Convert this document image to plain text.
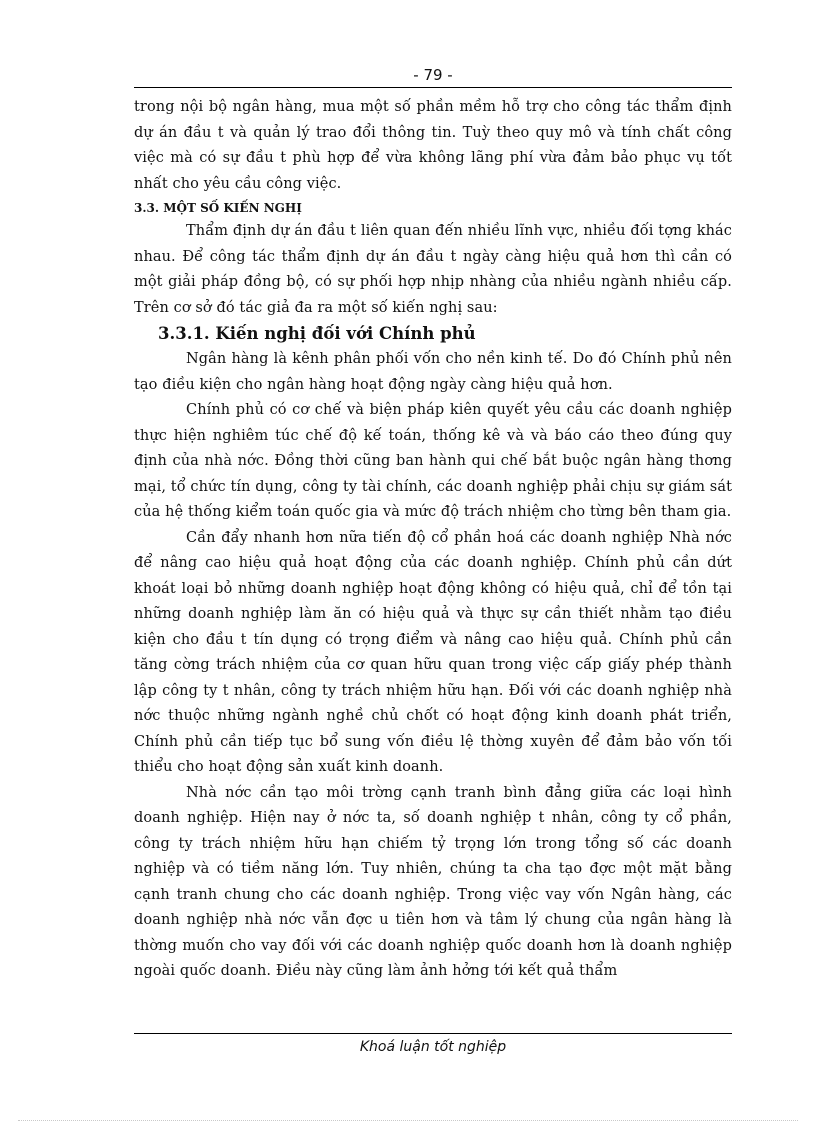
- 79 -

trong nội bộ ngân hàng, mua một số phần mềm hỗ trợ cho công tác thẩm định dự án đầu t và quản lý trao đổi thông tin. Tuỳ theo quy mô và tính chất công việc mà có sự đầu t phù hợp để vừa không lãng phí vừa đảm bảo phục vụ tốt nhất cho yêu cầu công việc.

3.3. MỘT SỐ KIẾN NGHỊ

Thẩm định dự án đầu t liên quan đến nhiều lĩnh vực, nhiều đối tợng khác nhau. Để công tác thẩm định dự án đầu t ngày càng hiệu quả hơn thì cần có một giải pháp đồng bộ, có sự phối hợp nhịp nhàng của nhiều ngành nhiều cấp. Trên cơ sở đó tác giả đa ra một số kiến nghị sau:

3.3.1. Kiến nghị đối với Chính phủ

Ngân hàng là kênh phân phối vốn cho nền kinh tế. Do đó Chính phủ nên tạo điều kiện cho ngân hàng hoạt động ngày càng hiệu quả hơn.

Chính phủ có cơ chế và biện pháp kiên quyết yêu cầu các doanh nghiệp thực hiện nghiêm túc chế độ kế toán, thống kê và và báo cáo theo đúng quy định của nhà nớc. Đồng thời cũng ban hành qui chế bắt buộc ngân hàng thơng mại, tổ chức tín dụng, công ty tài chính, các doanh nghiệp phải chịu sự giám sát của hệ thống kiểm toán quốc gia và mức độ trách nhiệm cho từng bên tham gia.

Cần đẩy nhanh hơn nữa tiến độ cổ phần hoá các doanh nghiệp Nhà nớc để nâng cao hiệu quả hoạt động của các doanh nghiệp. Chính phủ cần dứt khoát loại bỏ những doanh nghiệp hoạt động không có hiệu quả, chỉ để tồn tại những doanh nghiệp làm ăn có hiệu quả và thực sự cần thiết nhằm tạo điều kiện cho đầu t tín dụng có trọng điểm và nâng cao hiệu quả. Chính phủ cần tăng cờng trách nhiệm của cơ quan hữu quan trong việc cấp giấy phép thành lập công ty t nhân, công ty trách nhiệm hữu hạn. Đối với các doanh nghiệp nhà nớc thuộc những ngành nghề chủ chốt có hoạt động kinh doanh phát triển, Chính phủ cần tiếp tục bổ sung vốn điều lệ thờng xuyên để đảm bảo vốn tối thiểu cho hoạt động sản xuất kinh doanh.

Nhà nớc cần tạo môi trờng cạnh tranh bình đẳng giữa các loại hình doanh nghiệp. Hiện nay ở nớc ta, số doanh nghiệp t nhân, công ty cổ phần, công ty trách nhiệm hữu hạn chiếm tỷ trọng lớn trong tổng số các doanh nghiệp và có tiềm năng lớn. Tuy nhiên, chúng ta cha tạo đợc một mặt bằng cạnh tranh chung cho các doanh nghiệp. Trong việc vay vốn Ngân hàng, các doanh nghiệp nhà nớc vẫn đợc u tiên hơn và tâm lý chung của ngân hàng là thờng muốn cho vay đối với các doanh nghiệp quốc doanh hơn là doanh nghiệp ngoài quốc doanh. Điều này cũng làm ảnh hởng tới kết quả thẩm

Khoá luận tốt nghiệp
